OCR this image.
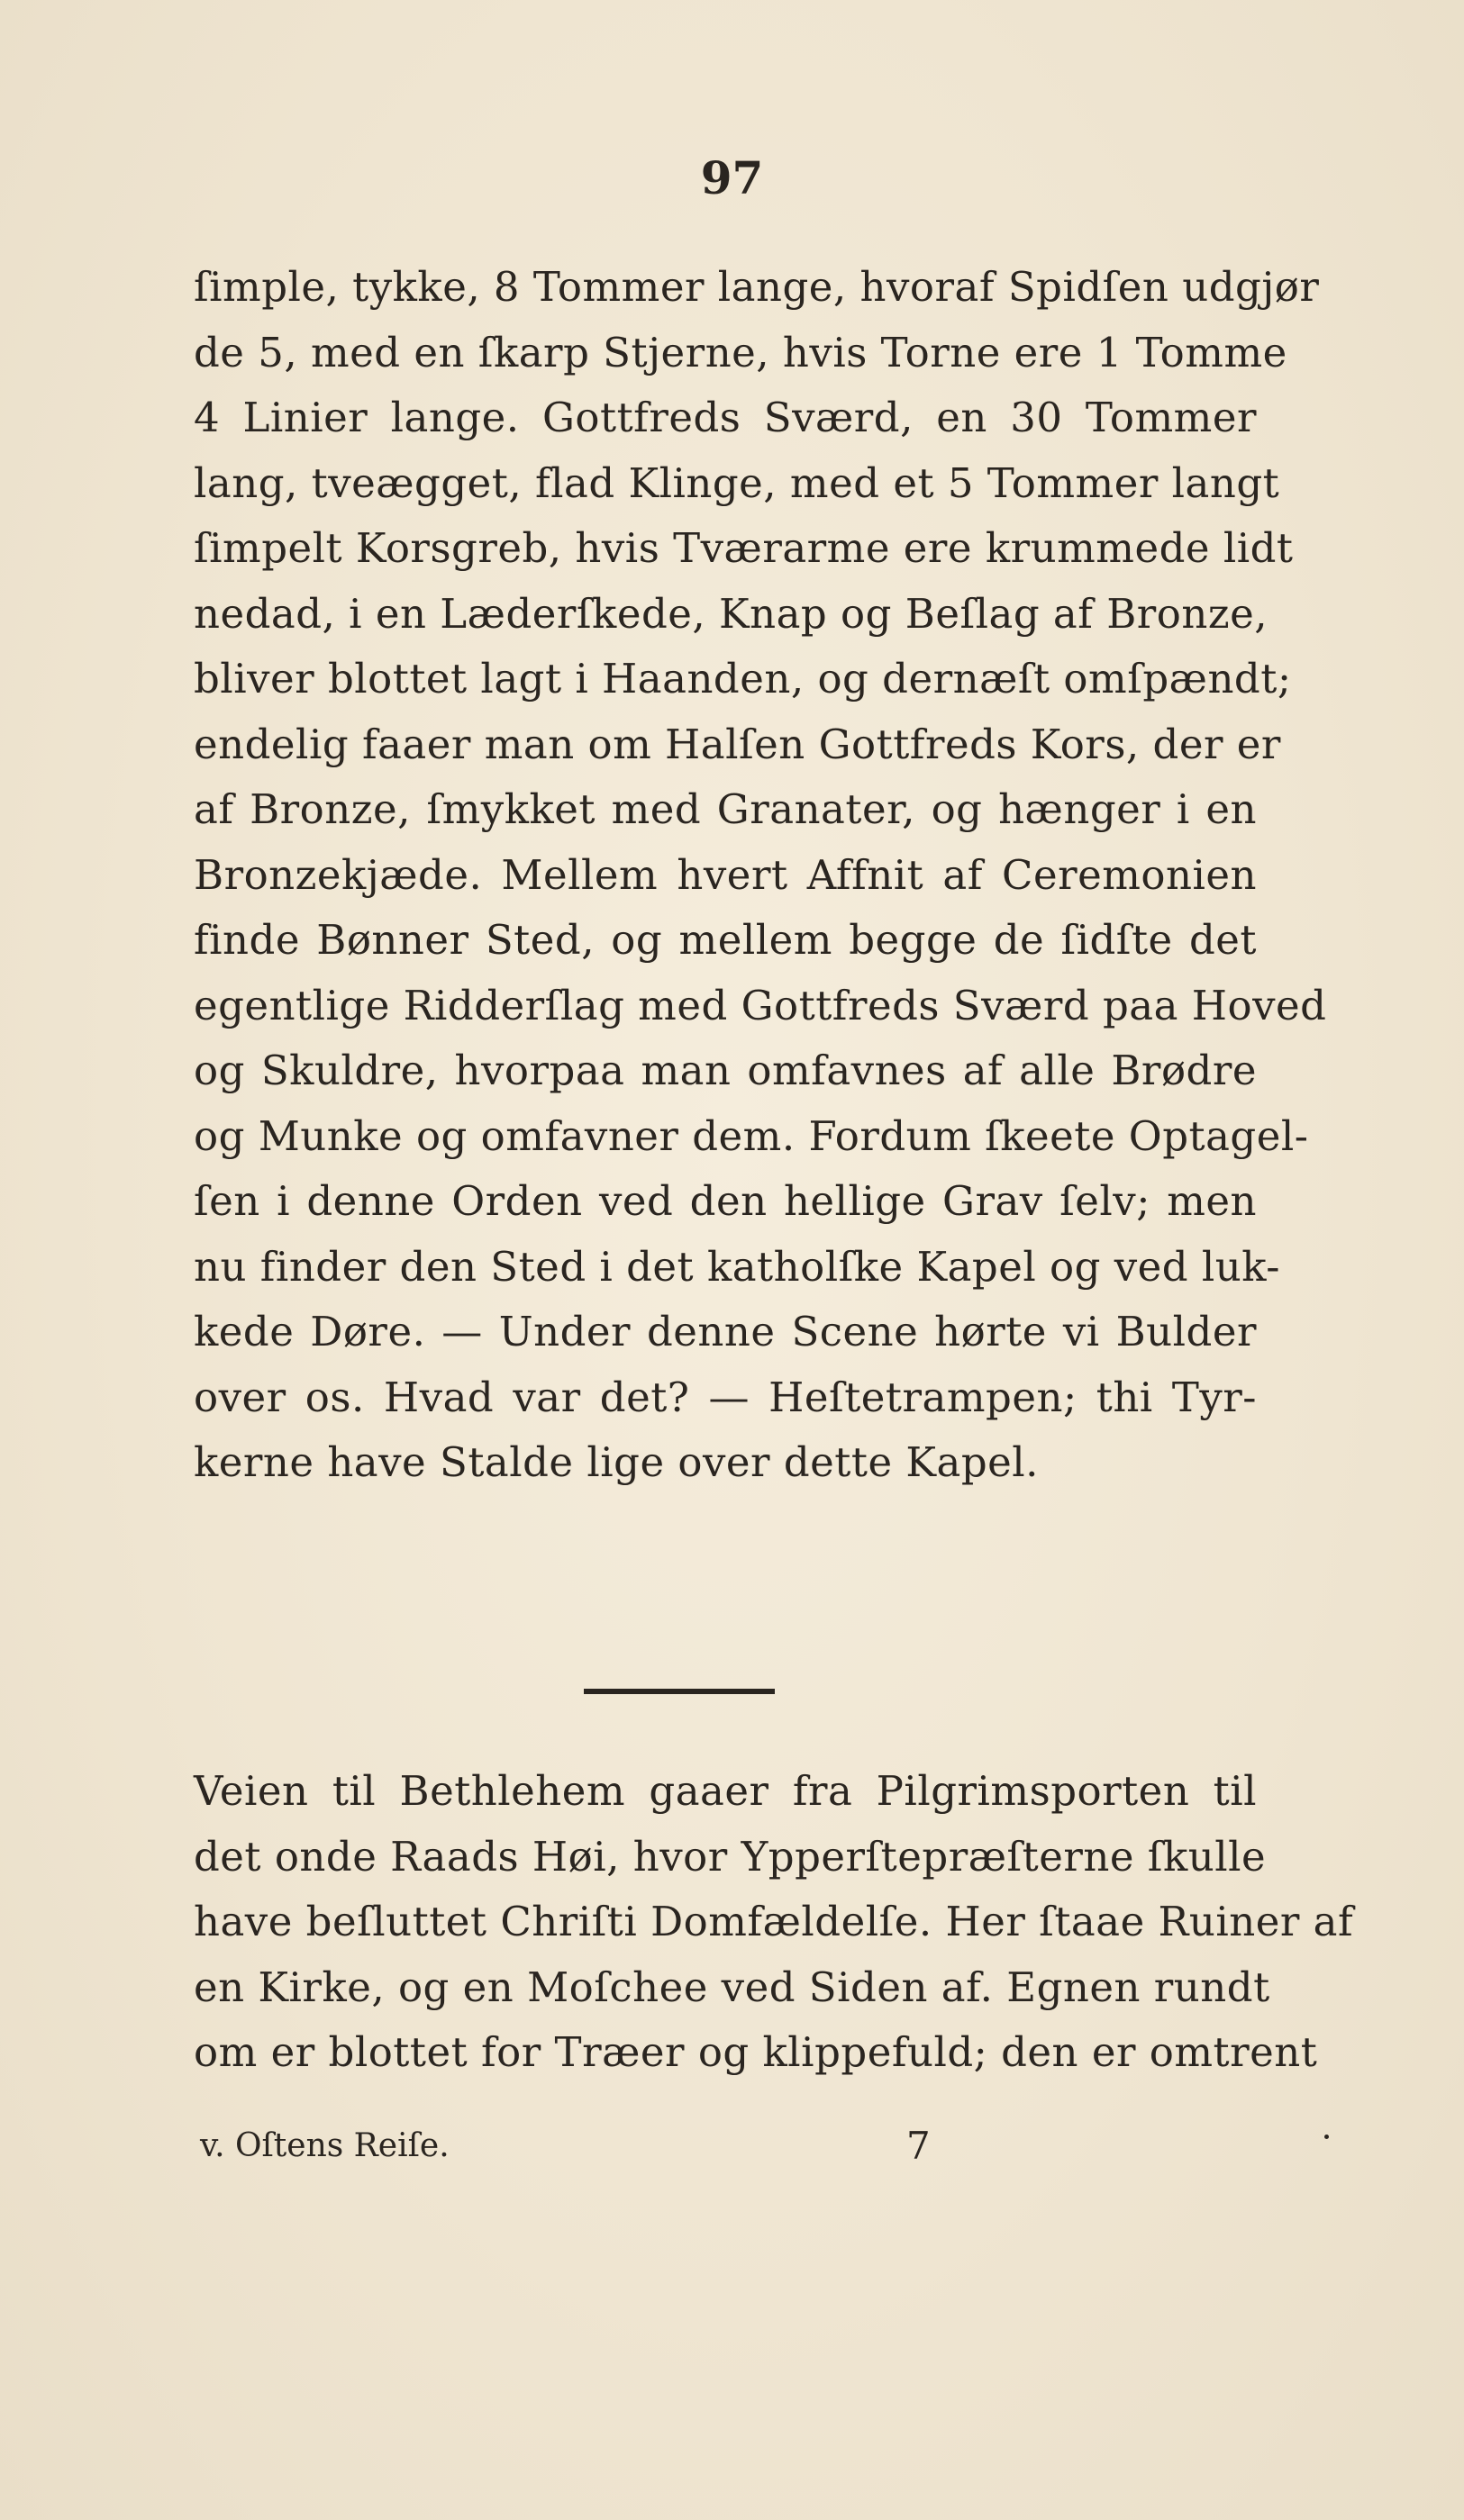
97
ſimple, tykke, 8 Tommer lange, hvoraf Spidſen udgjør
de 5, med en ſkarp Stjerne, hvis Torne ere 1 Tomme
4 Linier lange. Gottfreds Sværd, en 30 Tommer
lang, tveægget, flad Klinge, med et 5 Tommer langt
ſimpelt Korsgreb, hvis Tværarme ere krummede lidt
nedad, i en Læderſkede, Knap og Beſlag af Bronze,
bliver blottet lagt i Haanden, og dernæſt omſpændt;
endelig faaer man om Halſen Gottfreds Kors, der er
af Bronze, ſmykket med Granater, og hænger i en
Bronzekjæde. Mellem hvert Affnit af Ceremonien
finde Bønner Sted, og mellem begge de ſidſte det
egentlige Ridderſlag med Gottfreds Sværd paa Hoved
og Skuldre, hvorpaa man omfavnes af alle Brødre
og Munke og omfavner dem. Fordum ſkeete Optagel-
ſen i denne Orden ved den hellige Grav ſelv; men
nu finder den Sted i det katholſke Kapel og ved luk-
kede Døre. — Under denne Scene hørte vi Bulder
over os. Hvad var det? — Heſtetrampen; thi Tyr-
kerne have Stalde lige over dette Kapel.
Veien til Bethlehem gaaer fra Pilgrimsporten til
det onde Raads Høi, hvor Ypperſtepræſterne ſkulle
have beſluttet Chriſti Domfældelſe. Her ſtaae Ruiner af
en Kirke, og en Moſchee ved Siden af. Egnen rundt
om er blottet for Træer og klippefuld; den er omtrent
v. Oſtens Reiſe.	7
